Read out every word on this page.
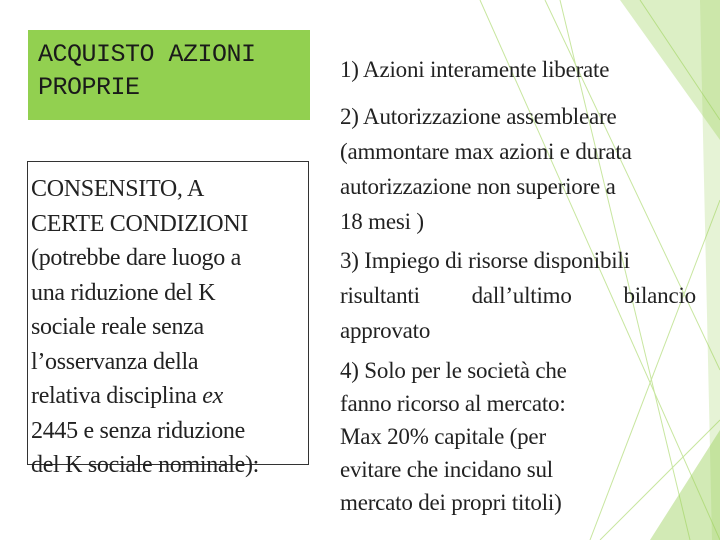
ACQUISTO AZIONI
PROPRIE
CONSENSITO, A
CERTE CONDIZIONI
(potrebbe dare luogo a
una riduzione del K
sociale reale senza
l’osservanza della
relativa disciplina ex
2445 e senza riduzione
del K sociale nominale):
1) Azioni interamente liberate
2) Autorizzazione assembleare
(ammontare max azioni e durata
autorizzazione non superiore a
18 mesi )
3) Impiego di risorse disponibili
risultanti dall’ultimo bilancio
approvato
4) Solo per le società che
fanno ricorso al mercato:
Max 20% capitale (per
evitare che incidano sul
mercato dei propri titoli)
